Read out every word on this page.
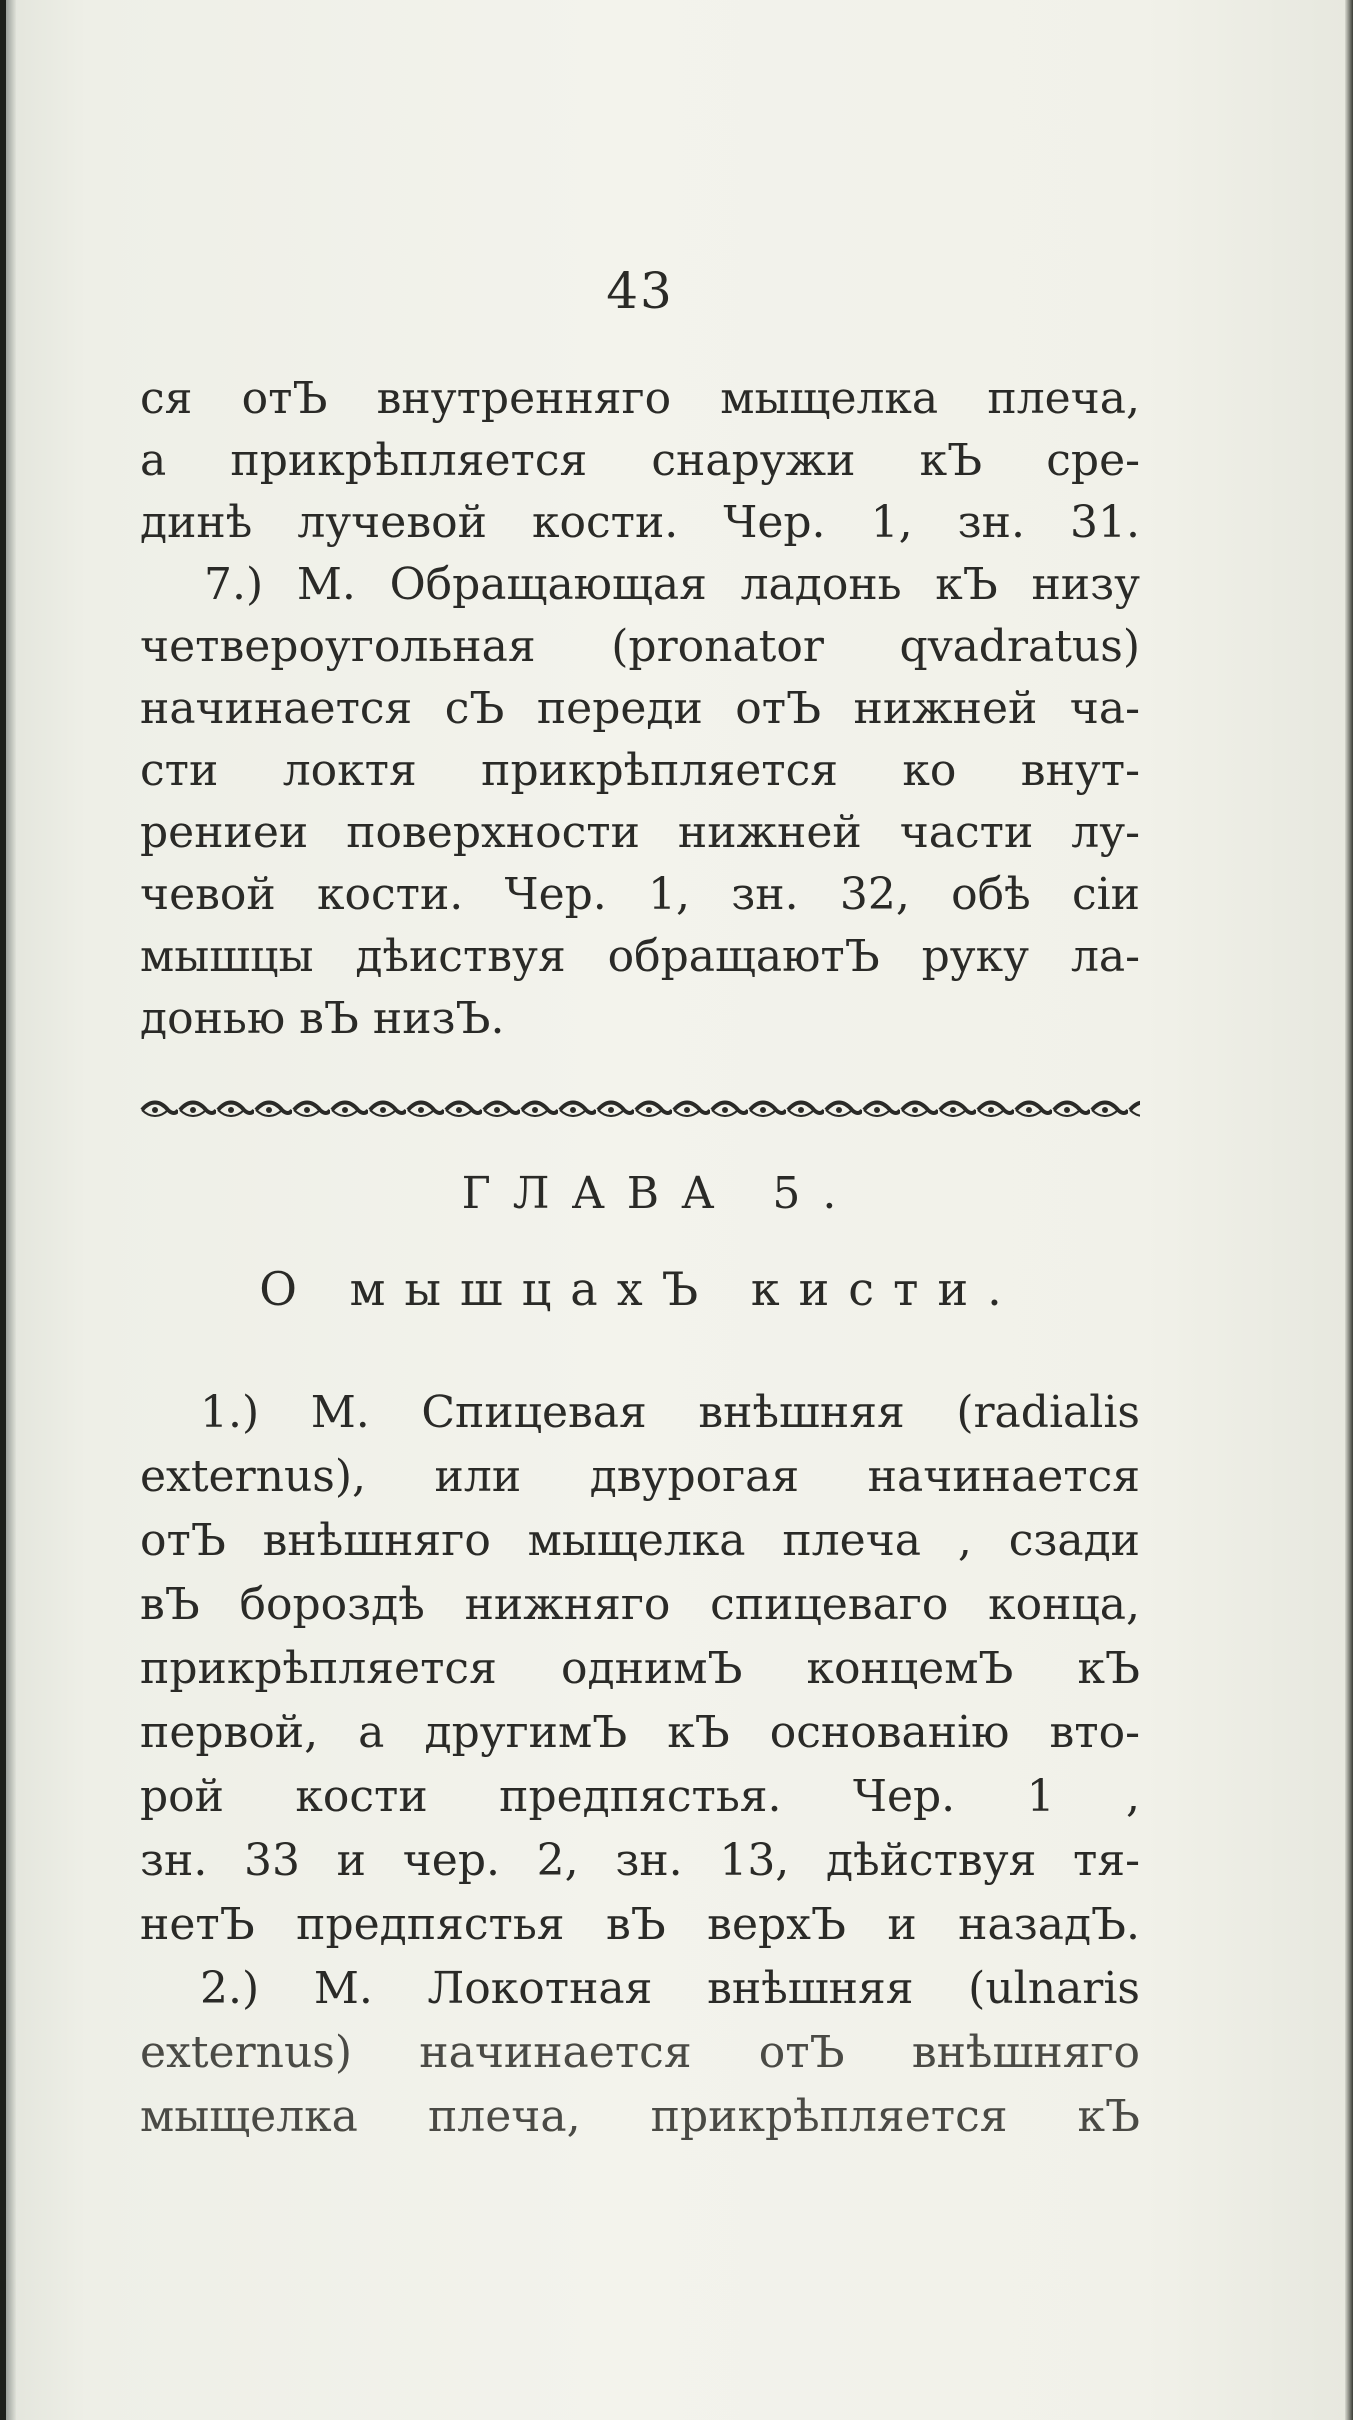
43
ся отЪ внутренняго мыщелка плеча,
а прикрѣпляется снаружи кЪ сре-
динѣ лучевой кости. Чер. 1, зн. 31.
7.) М. Обращающая ладонь кЪ низу
четвероугольная (pronator qvadratus)
начинается сЪ переди отЪ нижней ча-
сти локтя прикрѣпляется ко внут-
рениеи поверхности нижней части лу-
чевой кости. Чер. 1, зн. 32, обѣ сіи
мышцы дѣиствуя обращаютЪ руку ла-
донью вЪ низЪ.
ГЛАВА 5.
О мышцахЪ кисти.
1.) М. Спицевая внѣшняя (radialis
externus), или двурогая начинается
отЪ внѣшняго мыщелка плеча , сзади
вЪ бороздѣ нижняго спицеваго конца,
прикрѣпляется однимЪ концемЪ кЪ
первой, а другимЪ кЪ основанію вто-
рой кости предпястья. Чер. 1 ,
зн. 33 и чер. 2, зн. 13, дѣйствуя тя-
нетЪ предпястья вЪ верхЪ и назадЪ.
2.) М. Локотная внѣшняя (ulnaris
externus) начинается отЪ внѣшняго
мыщелка плеча, прикрѣпляется кЪ
